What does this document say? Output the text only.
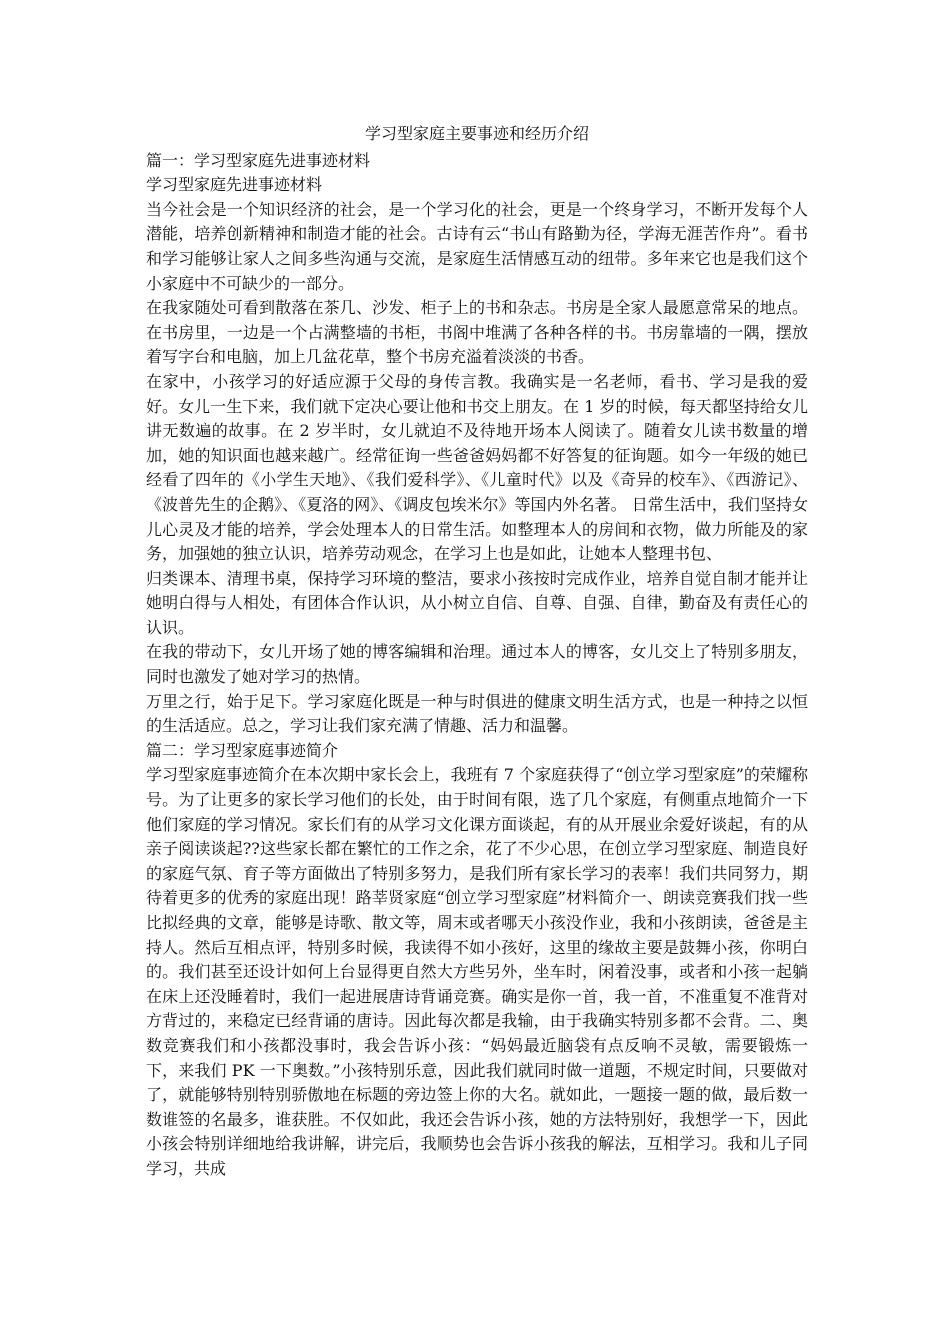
学习型家庭主要事迹和经历介绍

篇一：学习型家庭先进事迹材料

学习型家庭先进事迹材料

当今社会是一个知识经济的社会，是一个学习化的社会，更是一个终身学习，不断开发每个人潜能，培养创新精神和制造才能的社会。古诗有云“书山有路勤为径，学海无涯苦作舟”。看书和学习能够让家人之间多些沟通与交流，是家庭生活情感互动的纽带。多年来它也是我们这个小家庭中不可缺少的一部分。

在我家随处可看到散落在茶几、沙发、柜子上的书和杂志。书房是全家人最愿意常呆的地点。在书房里，一边是一个占满整墙的书柜，书阁中堆满了各种各样的书。书房靠墙的一隅，摆放着写字台和电脑，加上几盆花草，整个书房充溢着淡淡的书香。

在家中，小孩学习的好适应源于父母的身传言教。我确实是一名老师，看书、学习是我的爱好。女儿一生下来，我们就下定决心要让他和书交上朋友。在 1 岁的时候，每天都坚持给女儿讲无数遍的故事。在 2 岁半时，女儿就迫不及待地开场本人阅读了。随着女儿读书数量的增加，她的知识面也越来越广。经常征询一些爸爸妈妈都不好答复的征询题。如今一年级的她已经看了四年的《小学生天地》、《我们爱科学》、《儿童时代》以及《奇异的校车》、《西游记》、《波普先生的企鹅》、《夏洛的网》、《调皮包埃米尔》等国内外名著。 日常生活中，我们坚持女儿心灵及才能的培养，学会处理本人的日常生活。如整理本人的房间和衣物，做力所能及的家务，加强她的独立认识，培养劳动观念，在学习上也是如此，让她本人整理书包、

归类课本、清理书桌，保持学习环境的整洁，要求小孩按时完成作业，培养自觉自制才能并让她明白得与人相处，有团体合作认识，从小树立自信、自尊、自强、自律，勤奋及有责任心的认识。

在我的带动下，女儿开场了她的博客编辑和治理。通过本人的博客，女儿交上了特别多朋友，同时也激发了她对学习的热情。

万里之行，始于足下。学习家庭化既是一种与时俱进的健康文明生活方式，也是一种持之以恒的生活适应。总之，学习让我们家充满了情趣、活力和温馨。

篇二：学习型家庭事迹简介

学习型家庭事迹简介在本次期中家长会上，我班有 7 个家庭获得了“创立学习型家庭”的荣耀称号。为了让更多的家长学习他们的长处，由于时间有限，选了几个家庭，有侧重点地简介一下他们家庭的学习情况。家长们有的从学习文化课方面谈起，有的从开展业余爱好谈起，有的从亲子阅读谈起??这些家长都在繁忙的工作之余，花了不少心思，在创立学习型家庭、制造良好的家庭气氛、育子等方面做出了特别多努力，是我们所有家长学习的表率！我们共同努力，期待着更多的优秀的家庭出现！路莘贤家庭“创立学习型家庭”材料简介一、朗读竞赛我们找一些比拟经典的文章，能够是诗歌、散文等，周末或者哪天小孩没作业，我和小孩朗读，爸爸是主持人。然后互相点评，特别多时候，我读得不如小孩好，这里的缘故主要是鼓舞小孩，你明白的。我们甚至还设计如何上台显得更自然大方些另外，坐车时，闲着没事，或者和小孩一起躺在床上还没睡着时，我们一起进展唐诗背诵竞赛。确实是你一首，我一首，不准重复不准背对方背过的，来稳定已经背诵的唐诗。因此每次都是我输，由于我确实特别多都不会背。二、奥数竞赛我们和小孩都没事时，我会告诉小孩：“妈妈最近脑袋有点反响不灵敏，需要锻炼一下，来我们 PK 一下奥数。”小孩特别乐意，因此我们就同时做一道题，不规定时间，只要做对了，就能够特别特别骄傲地在标题的旁边签上你的大名。就如此，一题接一题的做，最后数一数谁签的名最多，谁获胜。不仅如此，我还会告诉小孩，她的方法特别好，我想学一下，因此小孩会特别详细地给我讲解，讲完后，我顺势也会告诉小孩我的解法，互相学习。我和儿子同学习，共成
